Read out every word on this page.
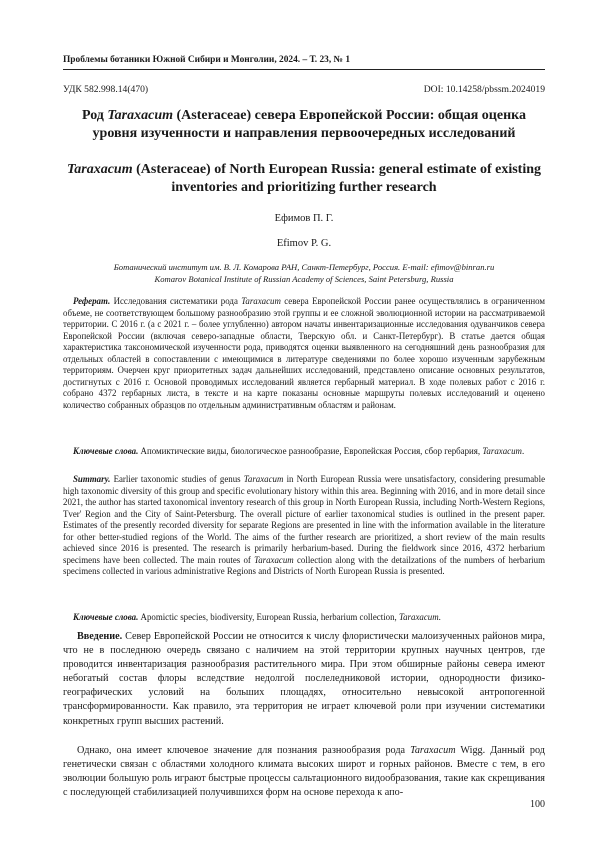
Проблемы ботаники Южной Сибири и Монголии, 2024. – Т. 23, № 1
УДК 582.998.14(470)	DOI: 10.14258/pbssm.2024019
Род Taraxacum (Asteraceae) севера Европейской России: общая оценка уровня изученности и направления первоочередных исследований
Taraxacum (Asteraceae) of North European Russia: general estimate of existing inventories and prioritizing further research
Ефимов П. Г.
Efimov P. G.
Ботанический институт им. В. Л. Комарова РАН, Санкт-Петербург, Россия. E-mail: efimov@binran.ru
Komarov Botanical Institute of Russian Academy of Sciences, Saint Petersburg, Russia
Реферат. Исследования систематики рода Taraxacum севера Европейской России ранее осуществлялись в ограниченном объеме, не соответствующем большому разнообразию этой группы и ее сложной эволюционной истории на рассматриваемой территории. С 2016 г. (а с 2021 г. – более углубленно) автором начаты инвентаризационные исследования одуванчиков севера Европейской России (включая северо-западные области, Тверскую обл. и Санкт-Петербург). В статье дается общая характеристика таксономической изученности рода, приводятся оценки выявленного на сегодняшний день разнообразия для отдельных областей в сопоставлении с имеющимися в литературе сведениями по более хорошо изученным зарубежным территориям. Очерчен круг приоритетных задач дальнейших исследований, представлено описание основных результатов, достигнутых с 2016 г. Основой проводимых исследований является гербарный материал. В ходе полевых работ с 2016 г. собрано 4372 гербарных листа, в тексте и на карте показаны основные маршруты полевых исследований и оценено количество собранных образцов по отдельным административным областям и районам.
Ключевые слова. Апомиктические виды, биологическое разнообразие, Европейская Россия, сбор гербария, Taraxacum.
Summary. Earlier taxonomic studies of genus Taraxacum in North European Russia were unsatisfactory, considering presumable high taxonomic diversity of this group and specific evolutionary history within this area. Beginning with 2016, and in more detail since 2021, the author has started taxonomical inventory research of this group in North European Russia, including North-Western Regions, Tver' Region and the City of Saint-Petersburg. The overall picture of earlier taxonomical studies is outlined in the present paper. Estimates of the presently recorded diversity for separate Regions are presented in line with the information available in the literature for other better-studied regions of the World. The aims of the further research are prioritized, a short review of the main results achieved since 2016 is presented. The research is primarily herbarium-based. During the fieldwork since 2016, 4372 herbarium specimens have been collected. The main routes of Taraxacum collection along with the detailzations of the numbers of herbarium specimens collected in various administrative Regions and Districts of North European Russia is presented.
Ключевые слова. Apomictic species, biodiversity, European Russia, herbarium collection, Taraxacum.
Введение. Север Европейской России не относится к числу флористически малоизученных районов мира, что не в последнюю очередь связано с наличием на этой территории крупных научных центров, где проводится инвентаризация разнообразия растительного мира. При этом обширные районы севера имеют небогатый состав флоры вследствие недолгой послеледниковой истории, однородности физико-географических условий на больших площадях, относительно невысокой антропогенной трансформированности. Как правило, эта территория не играет ключевой роли при изучении систематики конкретных групп высших растений.
Однако, она имеет ключевое значение для познания разнообразия рода Taraxacum Wigg. Данный род генетически связан с областями холодного климата высоких широт и горных районов. Вместе с тем, в его эволюции большую роль играют быстрые процессы сальтационного видообразования, такие как скрещивания с последующей стабилизацией получившихся форм на основе перехода к апо-
100
